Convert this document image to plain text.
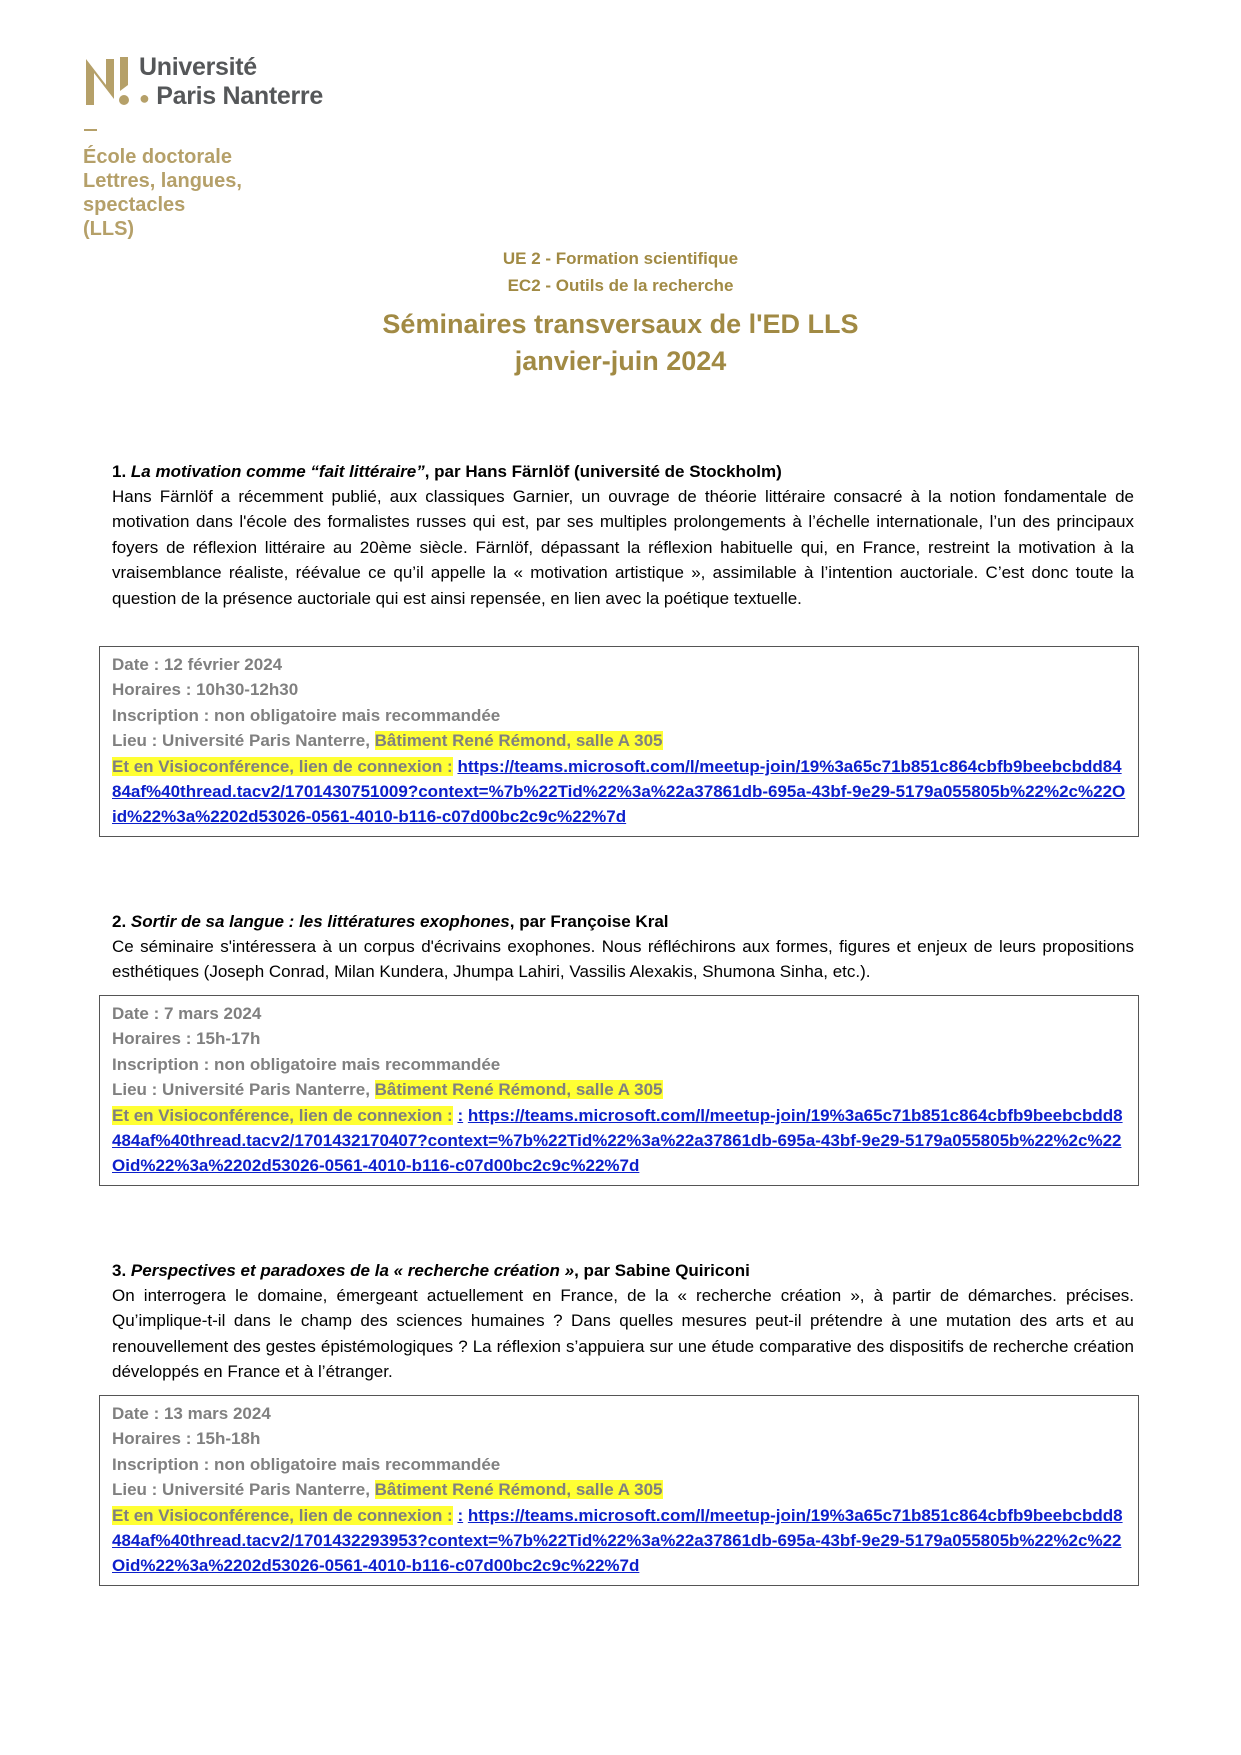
Université
● Paris Nanterre
École doctorale
Lettres, langues,
spectacles
(LLS)
UE 2 - Formation scientifique
EC2 - Outils de la recherche
Séminaires transversaux de l'ED LLS
janvier-juin 2024
1. La motivation comme “fait littéraire”, par Hans Färnlöf (université de Stockholm)

Hans Färnlöf a récemment publié, aux classiques Garnier, un ouvrage de théorie littéraire consacré à la notion fondamentale de motivation dans l'école des formalistes russes qui est, par ses multiples prolongements à l’échelle internationale, l’un des principaux foyers de réflexion littéraire au 20ème siècle. Färnlöf, dépassant la réflexion habituelle qui, en France, restreint la motivation à la vraisemblance réaliste, réévalue ce qu’il appelle la « motivation artistique », assimilable à l’intention auctoriale. C’est donc toute la question de la présence auctoriale qui est ainsi repensée, en lien avec la poétique textuelle.

Date : 12 février 2024
Horaires : 10h30-12h30
Inscription : non obligatoire mais recommandée
Lieu : Université Paris Nanterre, Bâtiment René Rémond, salle A 305
Et en Visioconférence, lien de connexion : https://teams.microsoft.com/l/meetup-join/19%3a65c71b851c864cbfb9beebcbdd8484af%40thread.tacv2/1701430751009?context=%7b%22Tid%22%3a%22a37861db-695a-43bf-9e29-5179a055805b%22%2c%22Oid%22%3a%2202d53026-0561-4010-b116-c07d00bc2c9c%22%7d
2. Sortir de sa langue : les littératures exophones, par Françoise Kral

Ce séminaire s'intéressera à un corpus d'écrivains exophones. Nous réfléchirons aux formes, figures et enjeux de leurs propositions esthétiques (Joseph Conrad, Milan Kundera, Jhumpa Lahiri, Vassilis Alexakis, Shumona Sinha, etc.).

Date : 7 mars 2024
Horaires : 15h-17h
Inscription : non obligatoire mais recommandée
Lieu : Université Paris Nanterre, Bâtiment René Rémond, salle A 305
Et en Visioconférence, lien de connexion : : https://teams.microsoft.com/l/meetup-join/19%3a65c71b851c864cbfb9beebcbdd8484af%40thread.tacv2/1701432170407?context=%7b%22Tid%22%3a%22a37861db-695a-43bf-9e29-5179a055805b%22%2c%22Oid%22%3a%2202d53026-0561-4010-b116-c07d00bc2c9c%22%7d
3. Perspectives et paradoxes de la « recherche création », par Sabine Quiriconi

On interrogera le domaine, émergeant actuellement en France, de la « recherche création », à partir de démarches. précises. Qu’implique-t-il dans le champ des sciences humaines ? Dans quelles mesures peut-il prétendre à une mutation des arts et au renouvellement des gestes épistémologiques ? La réflexion s’appuiera sur une étude comparative des dispositifs de recherche création développés en France et à l’étranger.

Date : 13 mars 2024
Horaires : 15h-18h
Inscription : non obligatoire mais recommandée
Lieu : Université Paris Nanterre, Bâtiment René Rémond, salle A 305
Et en Visioconférence, lien de connexion : : https://teams.microsoft.com/l/meetup-join/19%3a65c71b851c864cbfb9beebcbdd8484af%40thread.tacv2/1701432293953?context=%7b%22Tid%22%3a%22a37861db-695a-43bf-9e29-5179a055805b%22%2c%22Oid%22%3a%2202d53026-0561-4010-b116-c07d00bc2c9c%22%7d
